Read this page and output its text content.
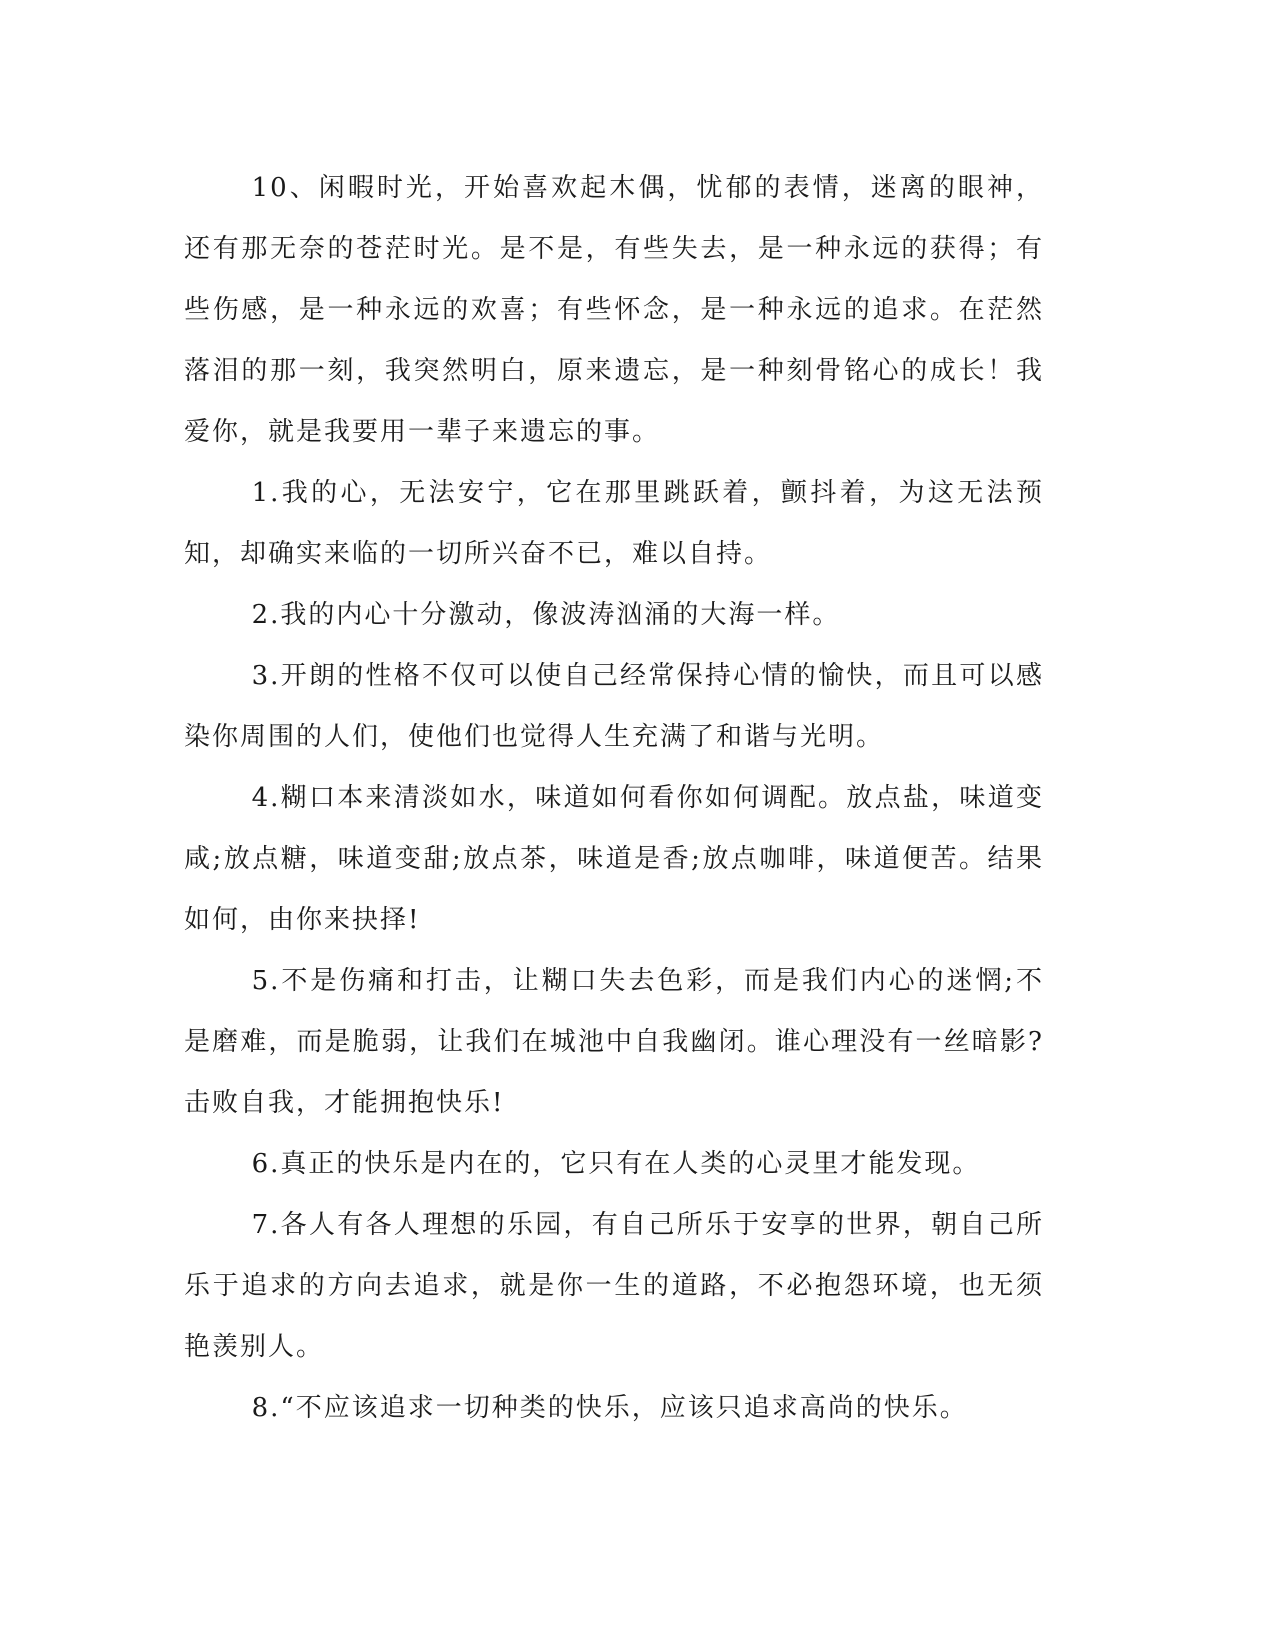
10、闲暇时光，开始喜欢起木偶，忧郁的表情，迷离的眼神，还有那无奈的苍茫时光。是不是，有些失去，是一种永远的获得；有些伤感，是一种永远的欢喜；有些怀念，是一种永远的追求。在茫然落泪的那一刻，我突然明白，原来遗忘，是一种刻骨铭心的成长！我爱你，就是我要用一辈子来遗忘的事。

1.我的心，无法安宁，它在那里跳跃着，颤抖着，为这无法预知，却确实来临的一切所兴奋不已，难以自持。

2.我的内心十分激动，像波涛汹涌的大海一样。

3.开朗的性格不仅可以使自己经常保持心情的愉快，而且可以感染你周围的人们，使他们也觉得人生充满了和谐与光明。

4.糊口本来清淡如水，味道如何看你如何调配。放点盐，味道变咸;放点糖，味道变甜;放点茶，味道是香;放点咖啡，味道便苦。结果如何，由你来抉择!

5.不是伤痛和打击，让糊口失去色彩，而是我们内心的迷惘;不是磨难，而是脆弱，让我们在城池中自我幽闭。谁心理没有一丝暗影?击败自我，才能拥抱快乐!

6.真正的快乐是内在的，它只有在人类的心灵里才能发现。

7.各人有各人理想的乐园，有自己所乐于安享的世界，朝自己所乐于追求的方向去追求，就是你一生的道路，不必抱怨环境，也无须艳羡别人。

8.“不应该追求一切种类的快乐，应该只追求高尚的快乐。
